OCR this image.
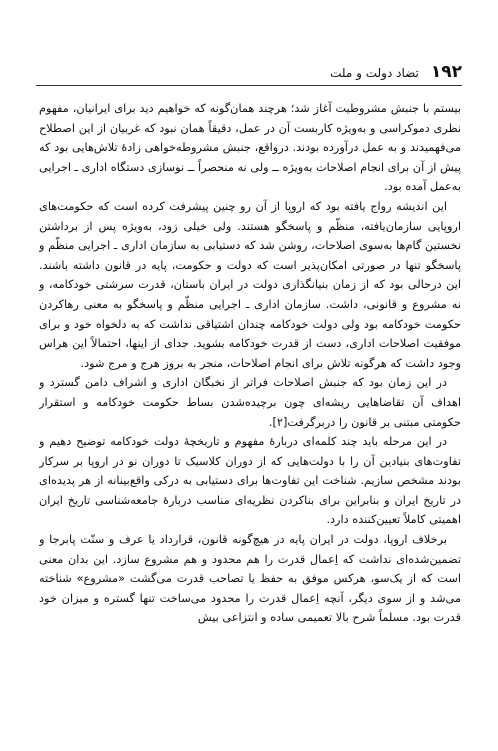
۱۹۲
تضاد دولت و ملت

بیستم با جنبش مشروطیت آغاز شد؛ هرچند همان‌گونه که خواهیم دید برای ایرانیان، مفهوم نظری دموکراسی و به‌ویژه کاربست آن در عمل، دقیقاً همان نبود که غربیان از این اصطلاح می‌فهمیدند و به عمل درآورده بودند. درواقع، جنبش مشروطه‌خواهی زادهٔ تلاش‌هایی بود که پیش از آن برای انجام اصلاحات به‌ویژه ــ ولی نه منحصراً ــ نوسازی دستگاه اداری ـ اجرایی به‌عمل آمده بود.

این اندیشه رواج یافته بود که اروپا از آن رو چنین پیشرفت کرده است که حکومت‌های اروپایی سازمان‌یافته، منظّم و پاسخگو هستند. ولی خیلی زود، به‌ویژه پس از برداشتن نخستین گام‌ها به‌سوی اصلاحات، روشن شد که دستیابی به سازمان اداری ـ اجرایی منظّم و پاسخگو تنها در صورتی امکان‌پذیر است که دولت و حکومت، پایه در قانون داشته باشند. این درحالی بود که از زمان بنیانگذاری دولت در ایران باستان، قدرت سرشتی خودکامه، و نه مشروع و قانونی، داشت. سازمان اداری ـ اجرایی منظّم و پاسخگو به معنی رهاکردن حکومت خودکامه بود ولی دولت خودکامه چندان اشتیاقی نداشت که به دلخواه خود و برای موفقیت اصلاحات اداری، دست از قدرت خودکامه بشوید. جدای از اینها، احتمالاً این هراس وجود داشت که هرگونه تلاش برای انجام اصلاحات، منجر به بروز هرج و مرج شود.

در این زمان بود که جنبش اصلاحات فراتر از نخبگان اداری و اشراف دامن گسترد و اهداف آن تقاضاهایی ریشه‌ای چون برچیده‌شدن بساط حکومت خودکامه و استقرار حکومتی مبتنی بر قانون را دربرگرفت[۲].

در این مرحله باید چند کلمه‌ای دربارهٔ مفهوم و تاریخچهٔ دولت خودکامه توضیح دهیم و تفاوت‌های بنیادین آن را با دولت‌هایی که از دوران کلاسیک تا دوران نو در اروپا بر سرکار بودند مشخص سازیم. شناخت این تفاوت‌ها برای دستیابی به درکی واقع‌بینانه از هر پدیده‌ای در تاریخ ایران و بنابراین برای بناکردن نظریه‌ای مناسب دربارهٔ جامعه‌شناسی تاریخ ایران اهمیتی کاملاً تعیین‌کننده دارد.

برخلاف اروپا، دولت در ایران پایه در هیچ‌گونه قانون، قرارداد یا عرف و سنّت پابرجا و تضمین‌شده‌ای نداشت که اِعمال قدرت را هم محدود و هم مشروع سازد. این بدان معنی است که از یک‌سو، هرکس موفق به حفظ یا تصاحب قدرت می‌گشت «مشروع» شناخته می‌شد و از سوی دیگر، آنچه اِعمال قدرت را محدود می‌ساخت تنها گستره و میزان خود قدرت بود. مسلماً شرح بالا تعمیمی ساده و انتزاعی بیش
